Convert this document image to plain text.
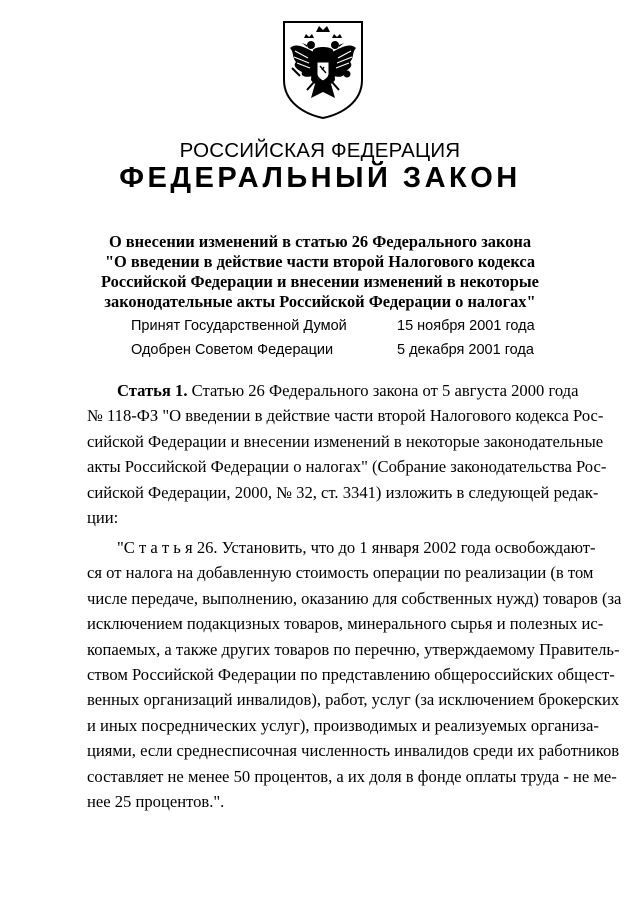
РОССИЙСКАЯ ФЕДЕРАЦИЯ
ФЕДЕРАЛЬНЫЙ ЗАКОН
О внесении изменений в статью 26 Федерального закона
"О введении в действие части второй Налогового кодекса
Российской Федерации и внесении изменений в некоторые
законодательные акты Российской Федерации о налогах"
Принят Государственной Думой	15 ноября 2001 года
Одобрен Советом Федерации	5 декабря 2001 года
Статья 1. Статью 26 Федерального закона от 5 августа 2000 года
№ 118-ФЗ "О введении в действие части второй Налогового кодекса Рос-
сийской Федерации и внесении изменений в некоторые законодательные
акты Российской Федерации о налогах" (Собрание законодательства Рос-
сийской Федерации, 2000, № 32, ст. 3341) изложить в следующей редак-
ции:
"С т а т ь я 26. Установить, что до 1 января 2002 года освобождают-
ся от налога на добавленную стоимость операции по реализации (в том
числе передаче, выполнению, оказанию для собственных нужд) товаров (за
исключением подакцизных товаров, минерального сырья и полезных ис-
копаемых, а также других товаров по перечню, утверждаемому Правитель-
ством Российской Федерации по представлению общероссийских общест-
венных организаций инвалидов), работ, услуг (за исключением брокерских
и иных посреднических услуг), производимых и реализуемых организа-
циями, если среднесписочная численность инвалидов среди их работников
составляет не менее 50 процентов, а их доля в фонде оплаты труда - не ме-
нее 25 процентов.".
